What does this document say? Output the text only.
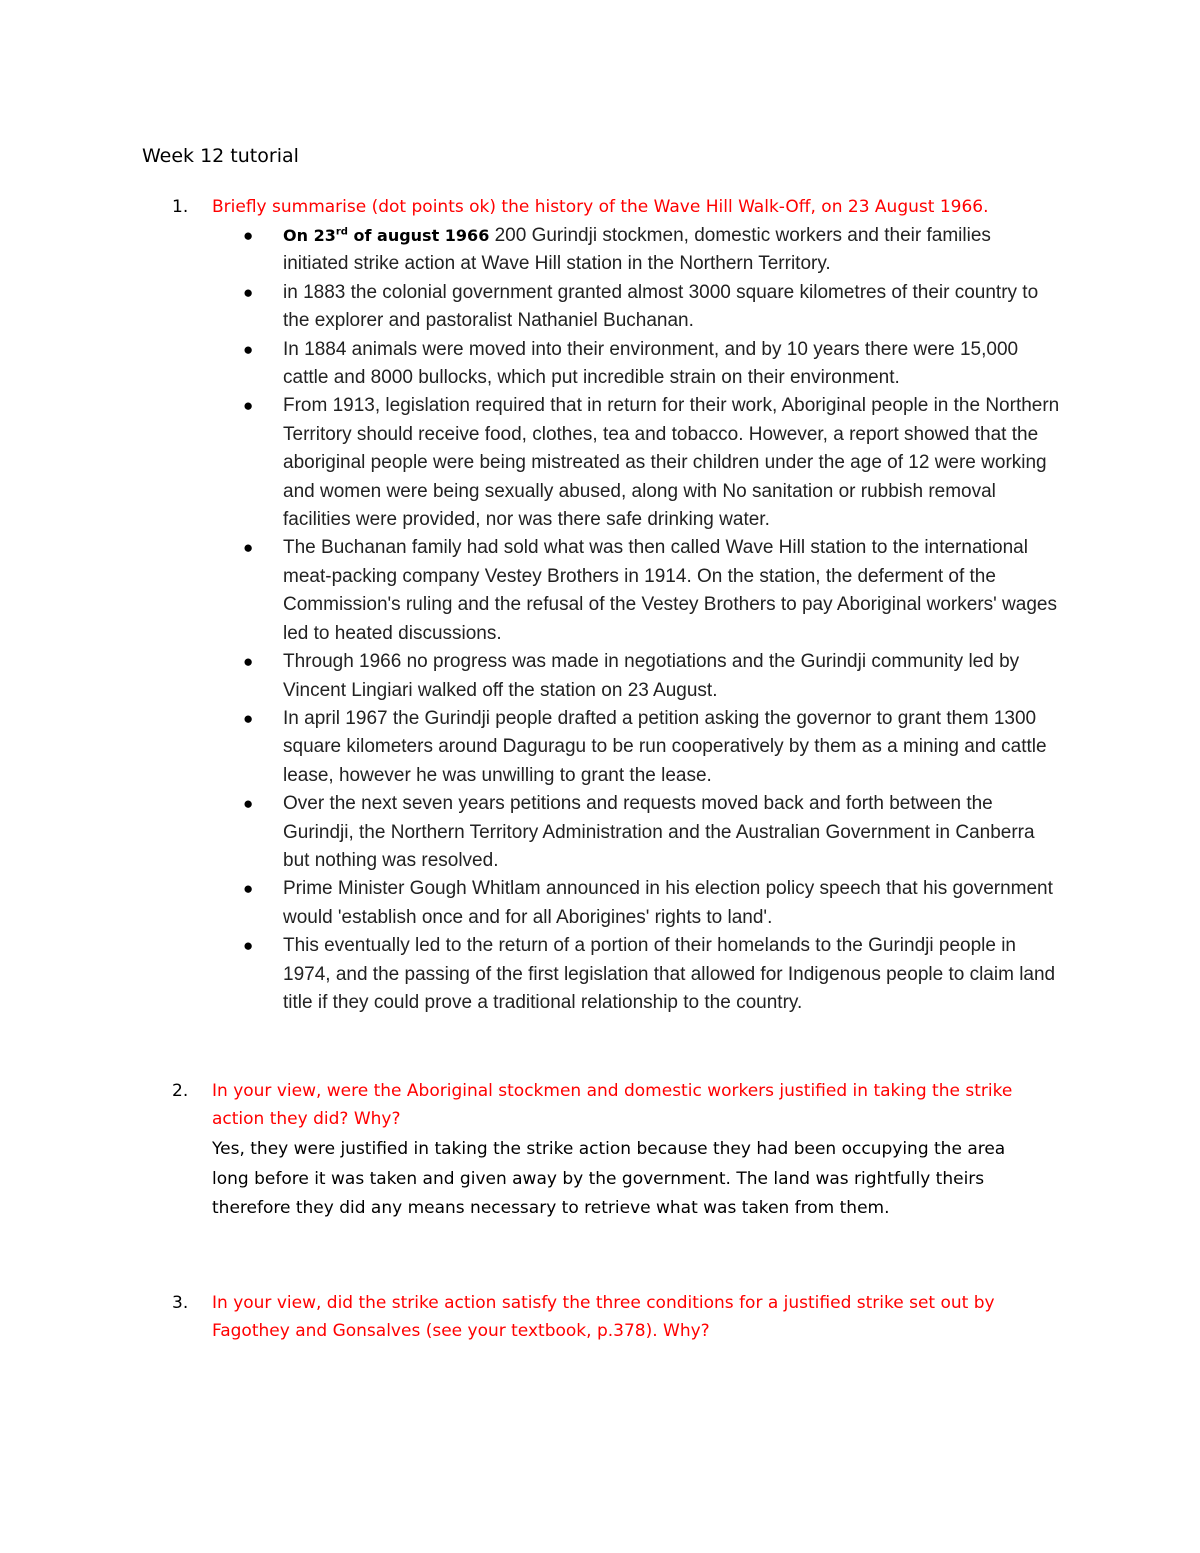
Week 12 tutorial
1.	Briefly summarise (dot points ok) the history of the Wave Hill Walk-Off, on 23 August 1966.
● On 23rd of august 1966 200 Gurindji stockmen, domestic workers and their families initiated strike action at Wave Hill station in the Northern Territory.
● in 1883 the colonial government granted almost 3000 square kilometres of their country to the explorer and pastoralist Nathaniel Buchanan.
● In 1884 animals were moved into their environment, and by 10 years there were 15,000 cattle and 8000 bullocks, which put incredible strain on their environment.
● From 1913, legislation required that in return for their work, Aboriginal people in the Northern Territory should receive food, clothes, tea and tobacco. However, a report showed that the aboriginal people were being mistreated as their children under the age of 12 were working and women were being sexually abused, along with No sanitation or rubbish removal facilities were provided, nor was there safe drinking water.
● The Buchanan family had sold what was then called Wave Hill station to the international meat-packing company Vestey Brothers in 1914. On the station, the deferment of the Commission's ruling and the refusal of the Vestey Brothers to pay Aboriginal workers' wages led to heated discussions.
● Through 1966 no progress was made in negotiations and the Gurindji community led by Vincent Lingiari walked off the station on 23 August.
● In april 1967 the Gurindji people drafted a petition asking the governor to grant them 1300 square kilometers around Daguragu to be run cooperatively by them as a mining and cattle lease, however he was unwilling to grant the lease.
● Over the next seven years petitions and requests moved back and forth between the Gurindji, the Northern Territory Administration and the Australian Government in Canberra but nothing was resolved.
● Prime Minister Gough Whitlam announced in his election policy speech that his government would 'establish once and for all Aborigines' rights to land'.
● This eventually led to the return of a portion of their homelands to the Gurindji people in 1974, and the passing of the first legislation that allowed for Indigenous people to claim land title if they could prove a traditional relationship to the country.
2.	In your view, were the Aboriginal stockmen and domestic workers justified in taking the strike action they did? Why?
Yes, they were justified in taking the strike action because they had been occupying the area long before it was taken and given away by the government. The land was rightfully theirs therefore they did any means necessary to retrieve what was taken from them.
3.	In your view, did the strike action satisfy the three conditions for a justified strike set out by Fagothey and Gonsalves (see your textbook, p.378). Why?
